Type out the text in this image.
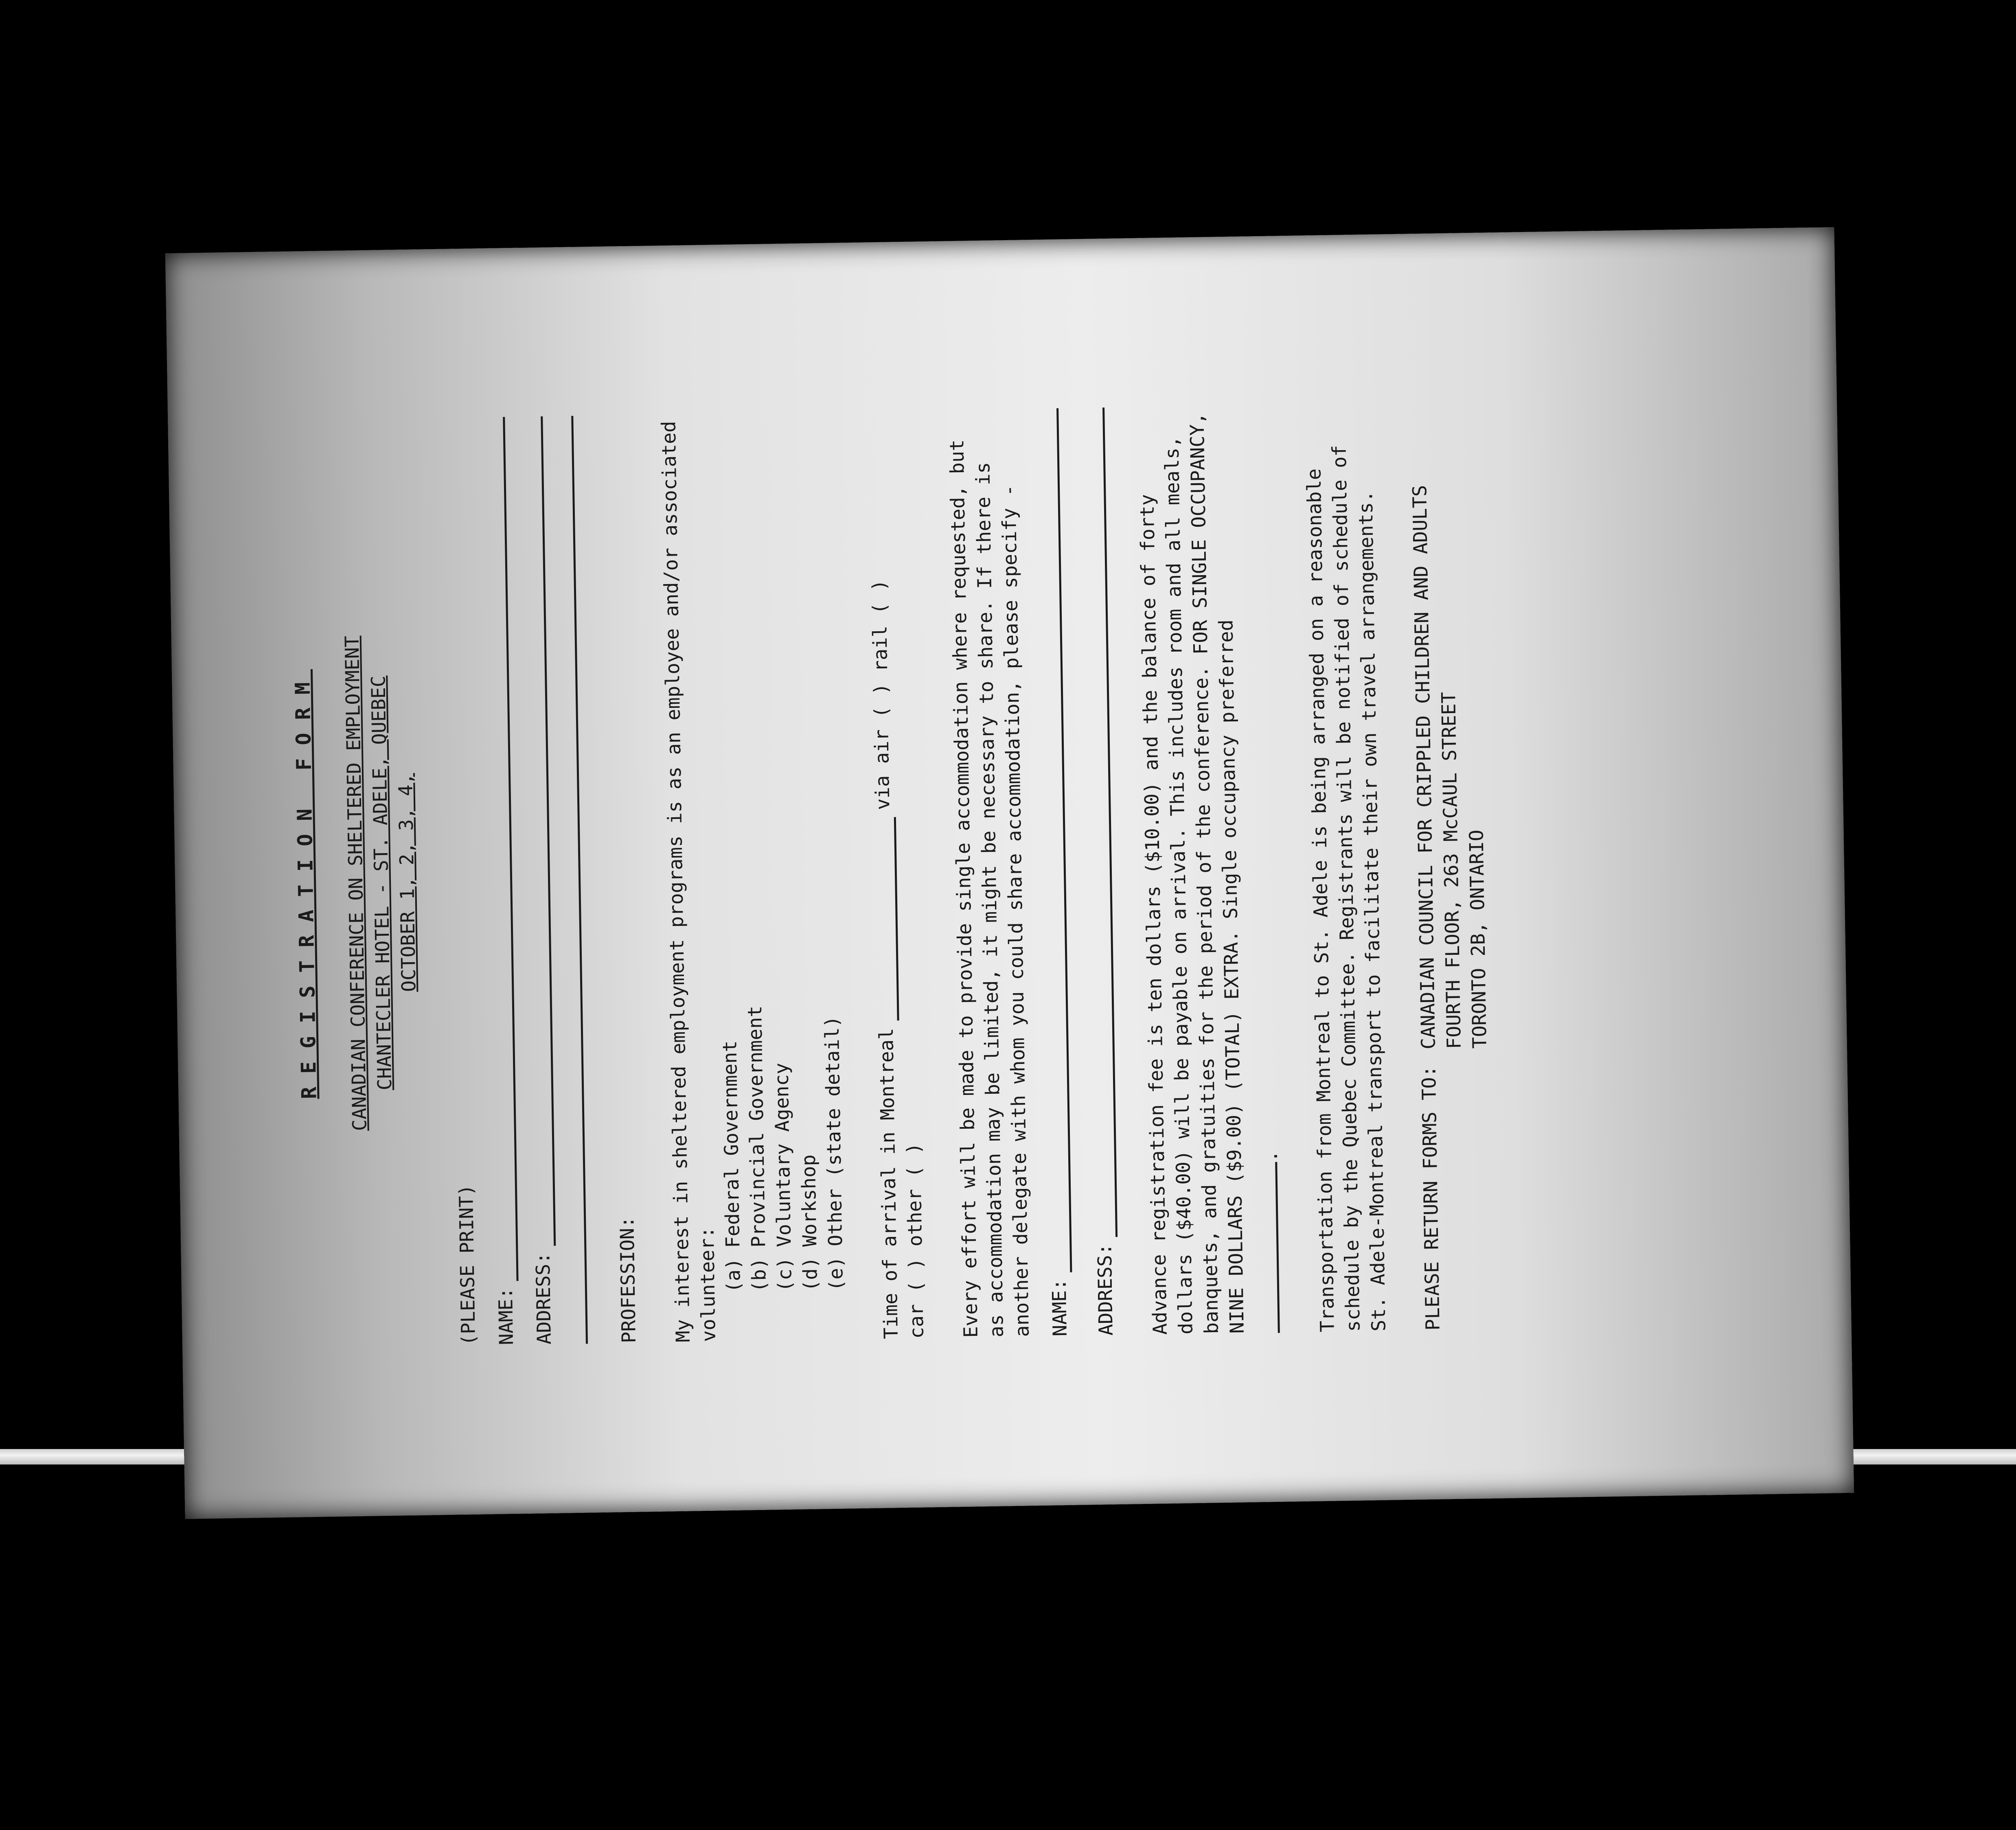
REGISTRATION FORM CANADIAN CONFERENCE ON SHELTERED EMPLOYMENT
CHANTECLER HOTEL - ST. ADELE, QUEBEC
OCTOBER 1, 2, 3, 4,
(PLEASE PRINT) NAME: ADDRESS:	PROFESSION: My interest in sheltered employment programs is as an employee and/or associated volunteer: (a)Federal Government
(b)Provincial Government
(c)Voluntary Agency
(d)Workshop
(e)Other (state detail) Time of arrival in Montreal
via air ( ) rail ( )
car ( ) other ( ) Every effort will be made to provide single accommodation where requested, but as accommodation may be limited, it might be necessary to share. If there is another delegate with whom you could share accommodation, please specify - NAME: ADDRESS: Advance registration fee is ten dollars ($10.00) and the balance of forty dollars ($40.00) will be payable on arrival. This includes room and all meals, banquets, and gratuities for the period of the conference. FOR SINGLE OCCUPANCY, NINE DOLLARS ($9.00) (TOTAL) EXTRA. Single occupancy preferred . Transportation from Montreal to St. Adele is being arranged on a reasonable schedule by the Quebec Committee. Registrants will be notified of schedule of St. Adele-Montreal transport to facilitate their own travel arrangements. PLEASE RETURN FORMS TO:
CANADIAN COUNCIL FOR CRIPPLED CHILDREN AND ADULTS
FOURTH FLOOR, 263 McCAUL STREET TORONTO 2B, ONTARIO
